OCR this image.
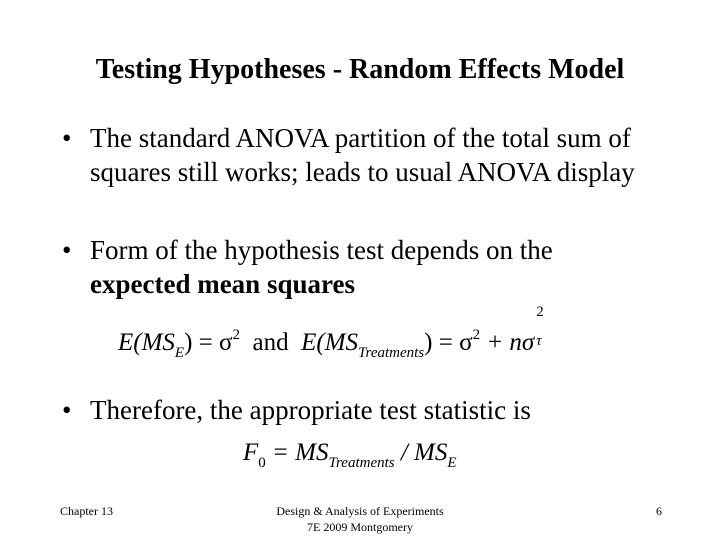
Testing Hypotheses - Random Effects Model
• The standard ANOVA partition of the total sum of squares still works; leads to usual ANOVA display
• Form of the hypothesis test depends on the
expected mean squares
$E(MS_E) = \sigma^2$ and $E(MS_{Treatments}) = \sigma^2 + n\sigma$
2
τ

• Therefore, the appropriate test statistic is
$F_0 = MS_{Treatments} / MS_E$
Chapter 13	Design & Analysis of Experiments
7E 2009 Montgomery
6
